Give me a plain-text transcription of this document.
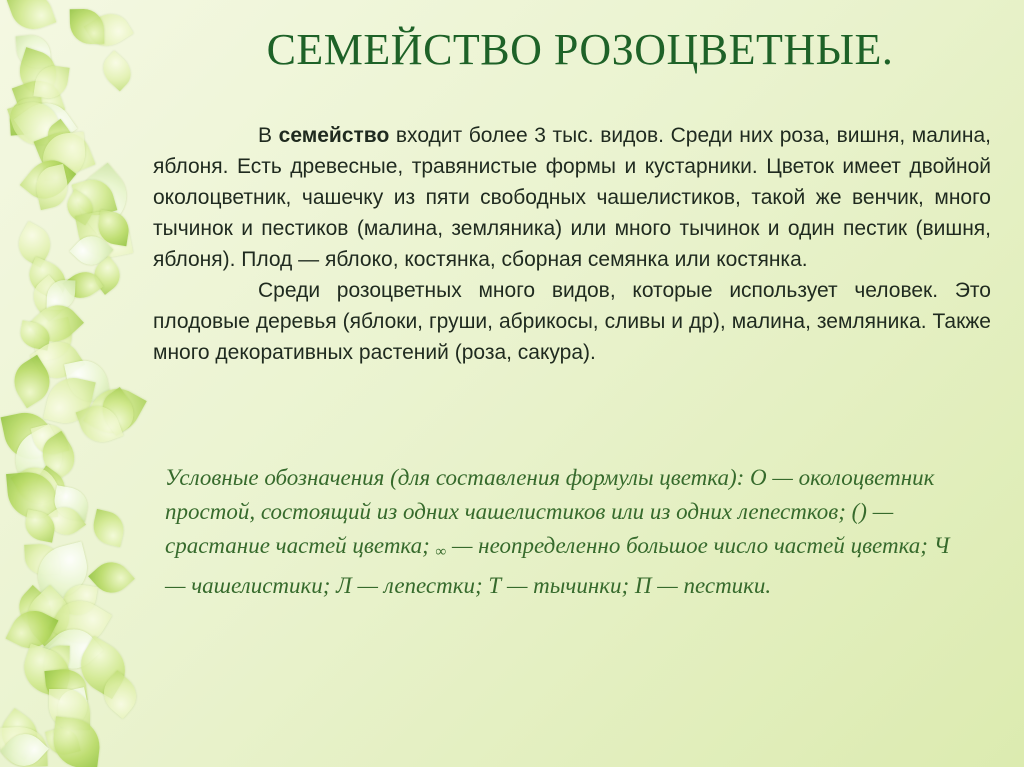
СЕМЕЙСТВО РОЗОЦВЕТНЫЕ.

В семейство входит более 3 тыс. видов. Среди них роза, вишня, малина, яблоня. Есть древесные, травянистые формы и кустарники. Цветок имеет двойной околоцветник, чашечку из пяти свободных чашелистиков, такой же венчик, много тычинок и пестиков (малина, земляника) или много тычинок и один пестик (вишня, яблоня). Плод — яблоко, костянка, сборная семянка или костянка.

Среди розоцветных много видов, которые использует человек. Это плодовые деревья (яблоки, груши, абрикосы, сливы и др), малина, земляника. Также много декоративных растений (роза, сакура).

Условные обозначения (для составления формулы цветка): О — околоцветник простой, состоящий из одних чашелистиков или из одних лепестков; () — срастание частей цветка; ∞ — неопределенно большое число частей цветка; Ч — чашелистики; Л — лепестки; Т — тычинки; П — пестики.
